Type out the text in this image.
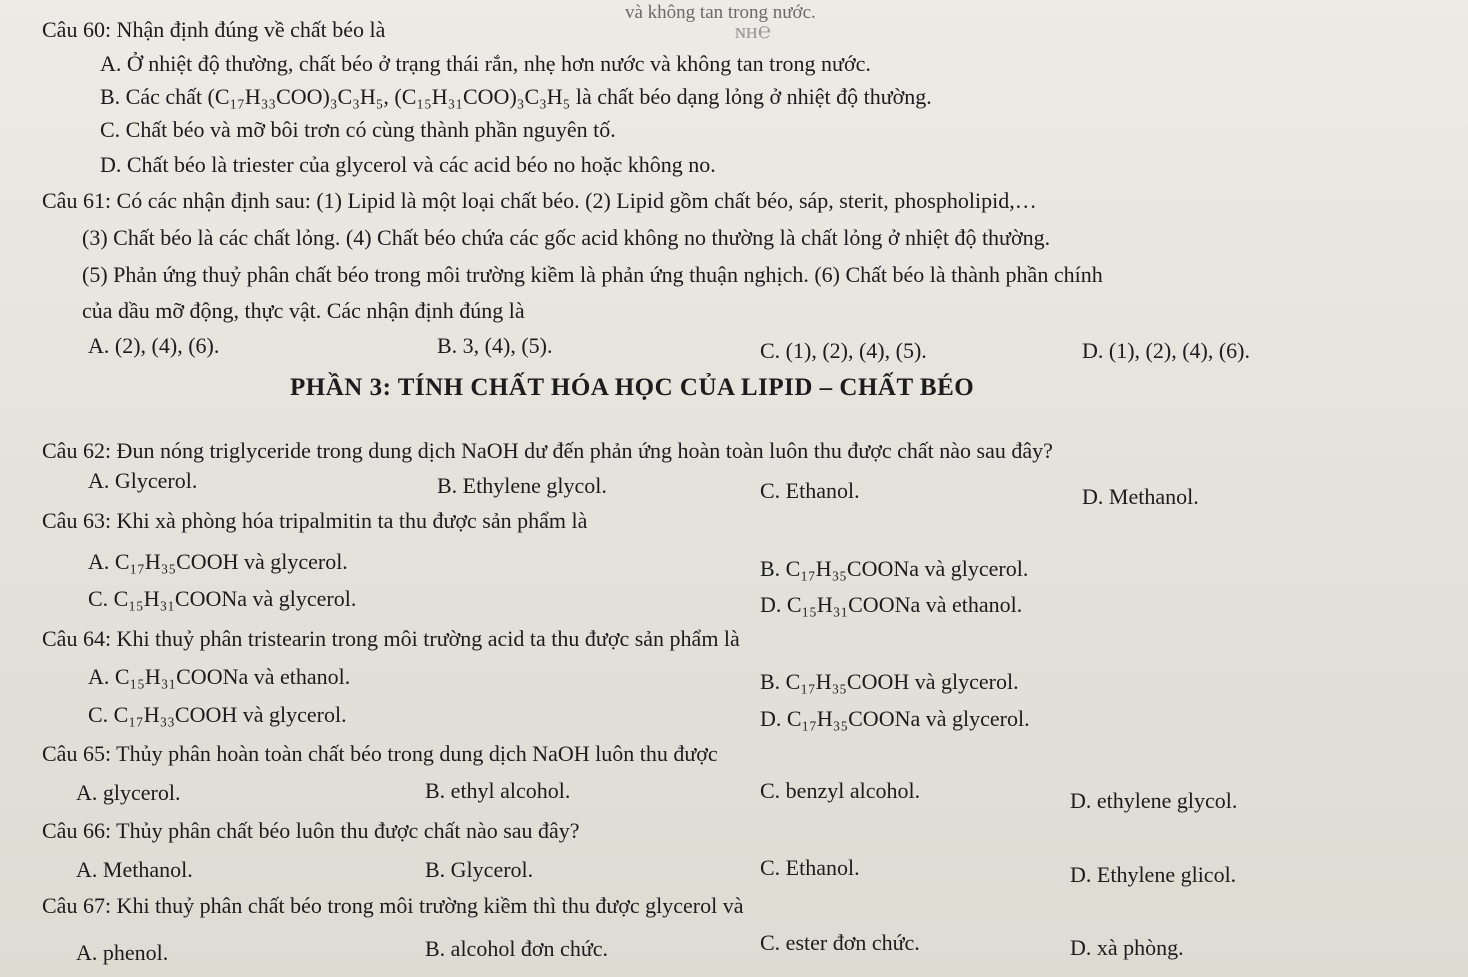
và không tan trong nước.
ɴʜ℮
Câu 60: Nhận định đúng về chất béo là
A. Ở nhiệt độ thường, chất béo ở trạng thái rắn, nhẹ hơn nước và không tan trong nước.
B. Các chất (C₁₇H₃₃COO)₃C₃H₅, (C₁₅H₃₁COO)₃C₃H₅ là chất béo dạng lỏng ở nhiệt độ thường.
C. Chất béo và mỡ bôi trơn có cùng thành phần nguyên tố.
D. Chất béo là triester của glycerol và các acid béo no hoặc không no.
Câu 61: Có các nhận định sau: (1) Lipid là một loại chất béo. (2) Lipid gồm chất béo, sáp, sterit, phospholipid,…
(3) Chất béo là các chất lỏng. (4) Chất béo chứa các gốc acid không no thường là chất lỏng ở nhiệt độ thường.
(5) Phản ứng thuỷ phân chất béo trong môi trường kiềm là phản ứng thuận nghịch. (6) Chất béo là thành phần chính
của dầu mỡ động, thực vật. Các nhận định đúng là
A. (2), (4), (6).	B. 3, (4), (5).	C. (1), (2), (4), (5).	D. (1), (2), (4), (6).
PHẦN 3: TÍNH CHẤT HÓA HỌC CỦA LIPID – CHẤT BÉO
Câu 62: Đun nóng triglyceride trong dung dịch NaOH dư đến phản ứng hoàn toàn luôn thu được chất nào sau đây?
A. Glycerol.	B. Ethylene glycol.	C. Ethanol.	D. Methanol.
Câu 63: Khi xà phòng hóa tripalmitin ta thu được sản phẩm là
A. C₁₇H₃₅COOH và glycerol.	B. C₁₇H₃₅COONa và glycerol.
C. C₁₅H₃₁COONa và glycerol.	D. C₁₅H₃₁COONa và ethanol.
Câu 64: Khi thuỷ phân tristearin trong môi trường acid ta thu được sản phẩm là
A. C₁₅H₃₁COONa và ethanol.	B. C₁₇H₃₅COOH và glycerol.
C. C₁₇H₃₃COOH và glycerol.	D. C₁₇H₃₅COONa và glycerol.
Câu 65: Thủy phân hoàn toàn chất béo trong dung dịch NaOH luôn thu được
A. glycerol.	B. ethyl alcohol.	C. benzyl alcohol.	D. ethylene glycol.
Câu 66: Thủy phân chất béo luôn thu được chất nào sau đây?
A. Methanol.	B. Glycerol.	C. Ethanol.	D. Ethylene glicol.
Câu 67: Khi thuỷ phân chất béo trong môi trường kiềm thì thu được glycerol và
A. phenol.	B. alcohol đơn chức.	C. ester đơn chức.	D. xà phòng.
